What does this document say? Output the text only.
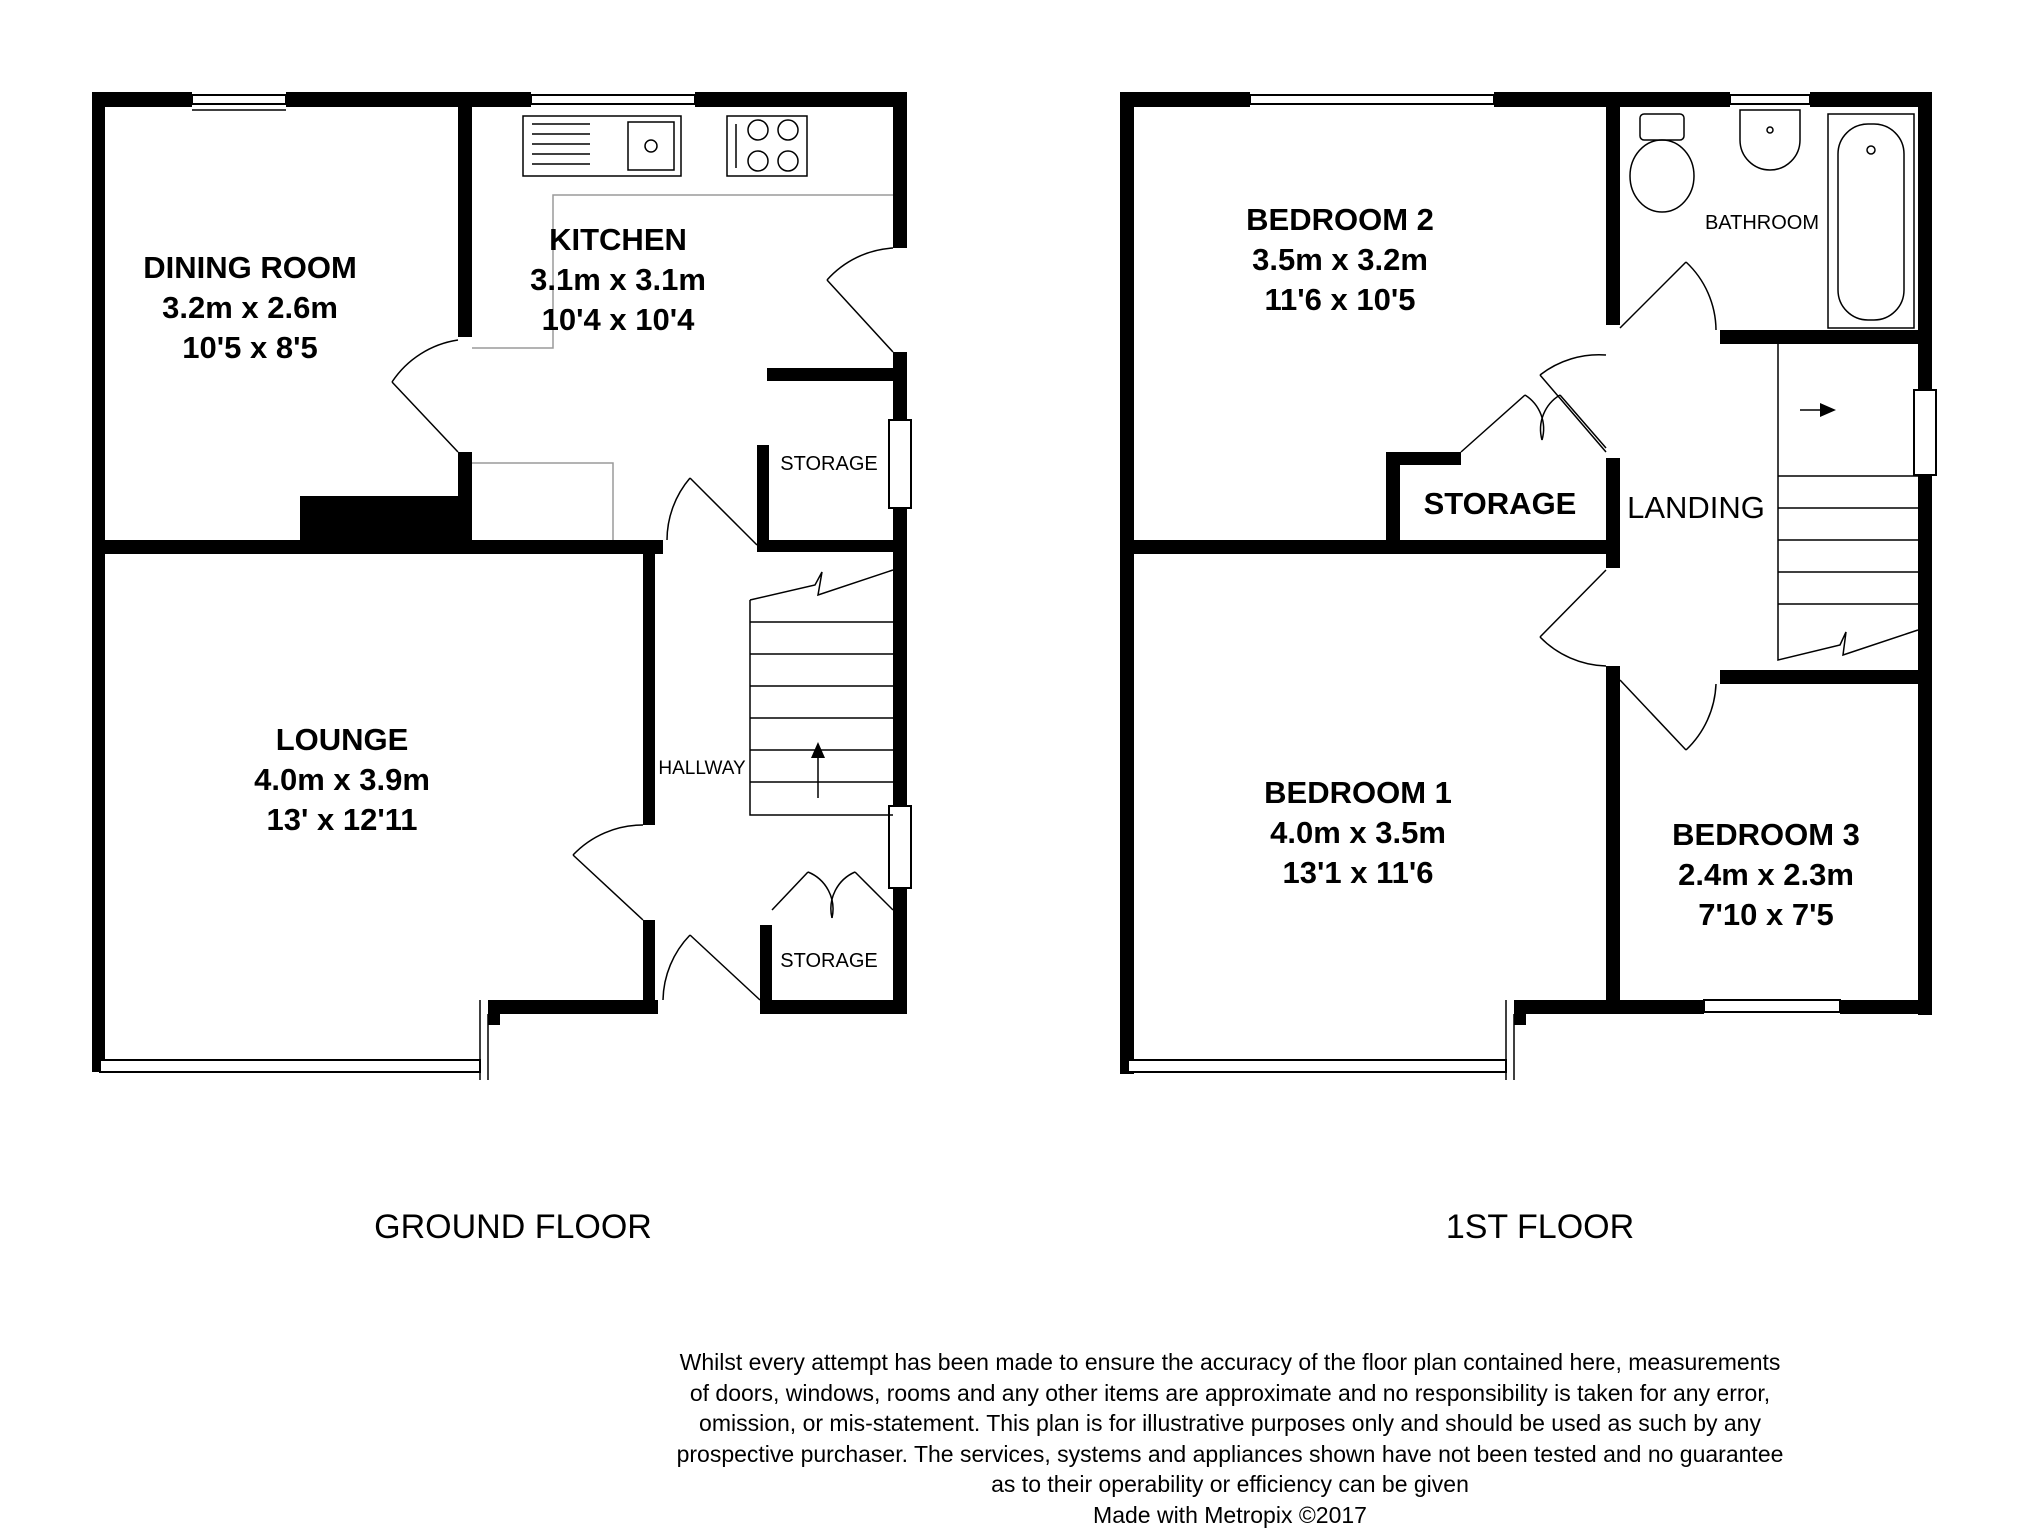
DINING ROOM
3.2m x 2.6m
10'5 x 8'5
KITCHEN
3.1m x 3.1m
10'4 x 10'4
LOUNGE
4.0m x 3.9m
13' x 12'11
HALLWAY
STORAGE
STORAGE
GROUND FLOOR
BEDROOM 2
3.5m x 3.2m
11'6 x 10'5
BATHROOM
STORAGE LANDING
BEDROOM 1
4.0m x 3.5m
13'1 x 11'6
BEDROOM 3
2.4m x 2.3m
7'10 x 7'5
1ST FLOOR
Whilst every attempt has been made to ensure the accuracy of the floor plan contained here, measurements
of doors, windows, rooms and any other items are approximate and no responsibility is taken for any error,
omission, or mis-statement. This plan is for illustrative purposes only and should be used as such by any
prospective purchaser. The services, systems and appliances shown have not been tested and no guarantee
as to their operability or efficiency can be given
Made with Metropix ©2017
